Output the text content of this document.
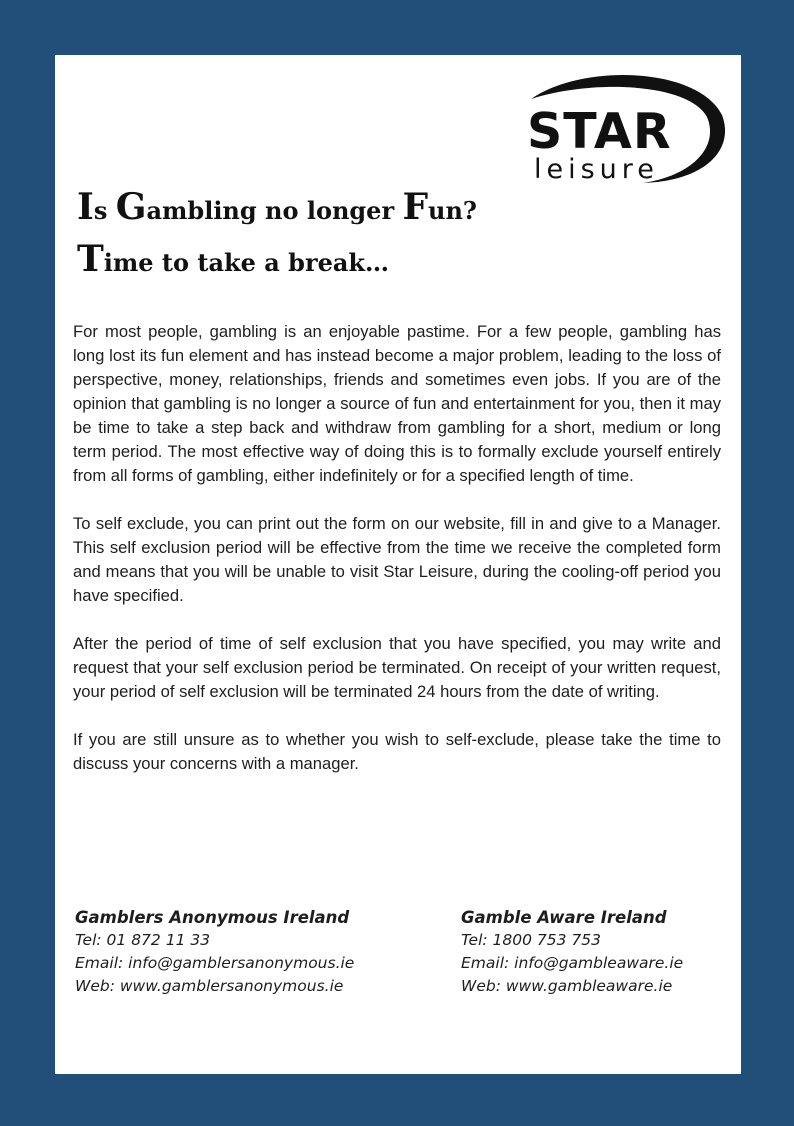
STAR
leisure
Is Gambling no longer Fun?
Time to take a break…

For most people, gambling is an enjoyable pastime. For a few people, gambling has long lost its fun element and has instead become a major problem, leading to the loss of perspective, money, relationships, friends and sometimes even jobs. If you are of the opinion that gambling is no longer a source of fun and entertainment for you, then it may be time to take a step back and withdraw from gambling for a short, medium or long term period. The most effective way of doing this is to formally exclude yourself entirely from all forms of gambling, either indefinitely or for a specified length of time.

To self exclude, you can print out the form on our website, fill in and give to a Manager. This self exclusion period will be effective from the time we receive the completed form and means that you will be unable to visit Star Leisure, during the cooling-off period you have specified.

After the period of time of self exclusion that you have specified, you may write and request that your self exclusion period be terminated. On receipt of your written request, your period of self exclusion will be terminated 24 hours from the date of writing.

If you are still unsure as to whether you wish to self-exclude, please take the time to discuss your concerns with a manager.

Gamblers Anonymous Ireland
Tel: 01 872 11 33
Email: info@gamblersanonymous.ie
Web: www.gamblersanonymous.ie
Gamble Aware Ireland
Tel: 1800 753 753
Email: info@gambleaware.ie
Web: www.gambleaware.ie
